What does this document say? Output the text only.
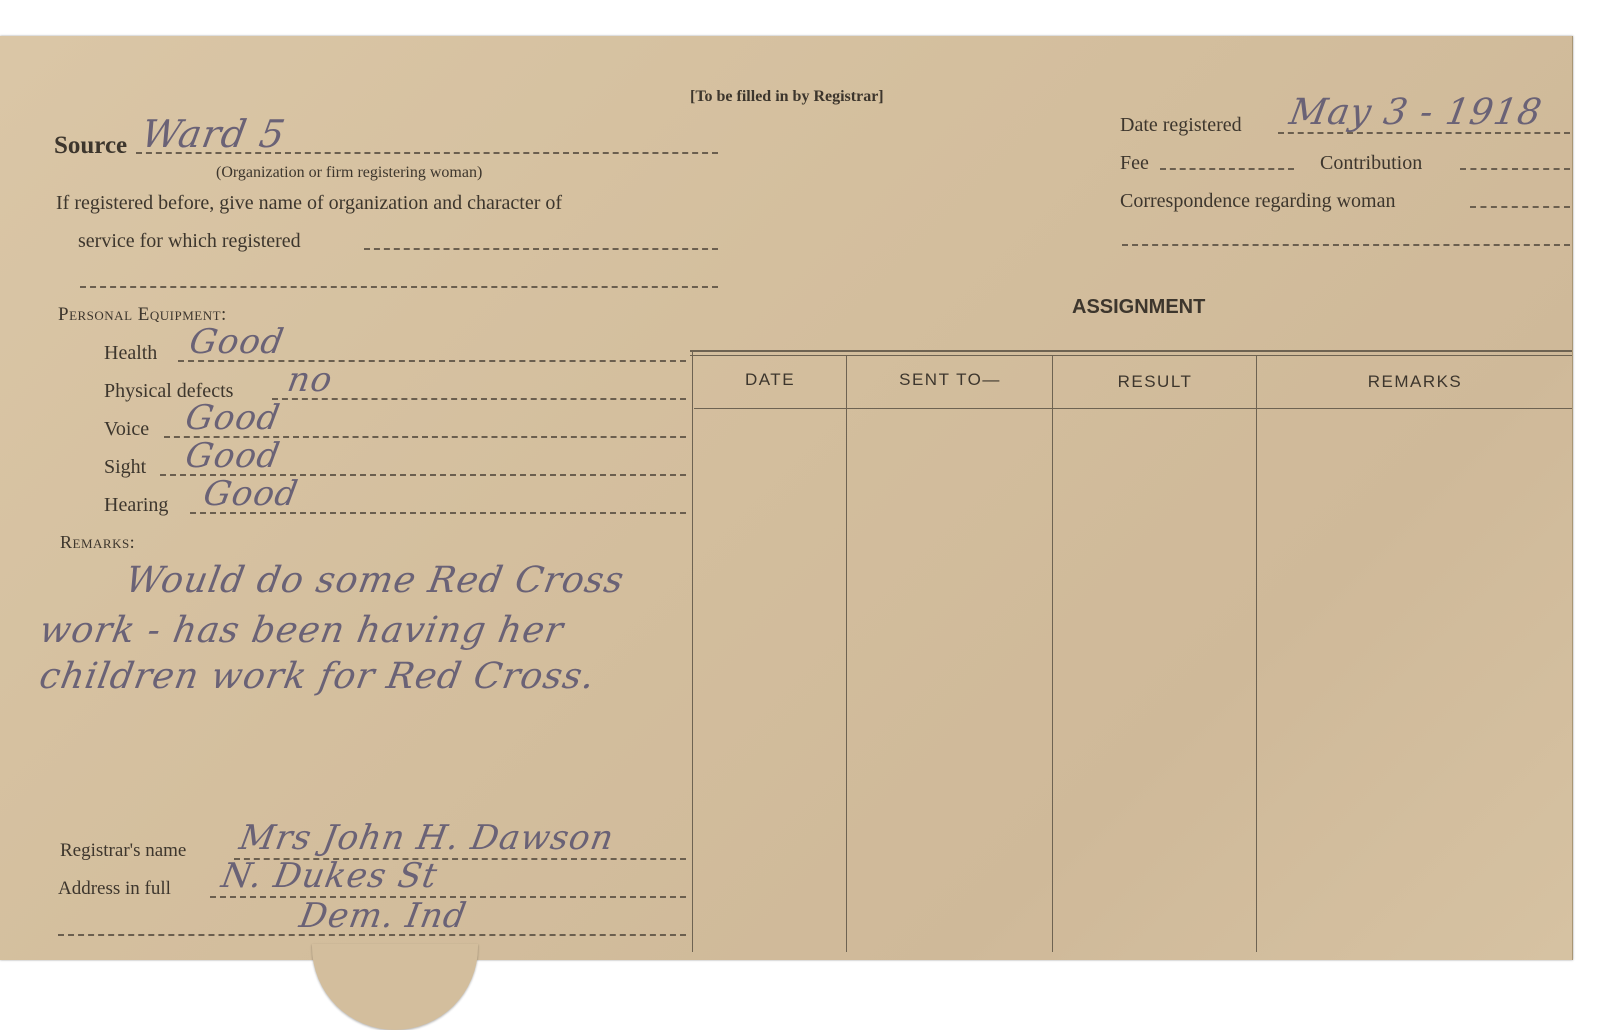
[To be filled in by Registrar]
Source Ward 5
(Organization or firm registering woman)
If registered before, give name of organization and character of
service for which registered
Date registered May 3 - 1918
Fee	Contribution
Correspondence regarding woman
Personal Equipment:
Health Good
Physical defects no
Voice Good
Sight Good
Hearing Good
Remarks:
Would do some Red Cross
work - has been having her
children work for Red Cross.
Registrar's name Mrs John H. Dawson
Address in full N. Dukes St
Dem. Ind
ASSIGNMENT
DATE	SENT TO—	RESULT	REMARKS
